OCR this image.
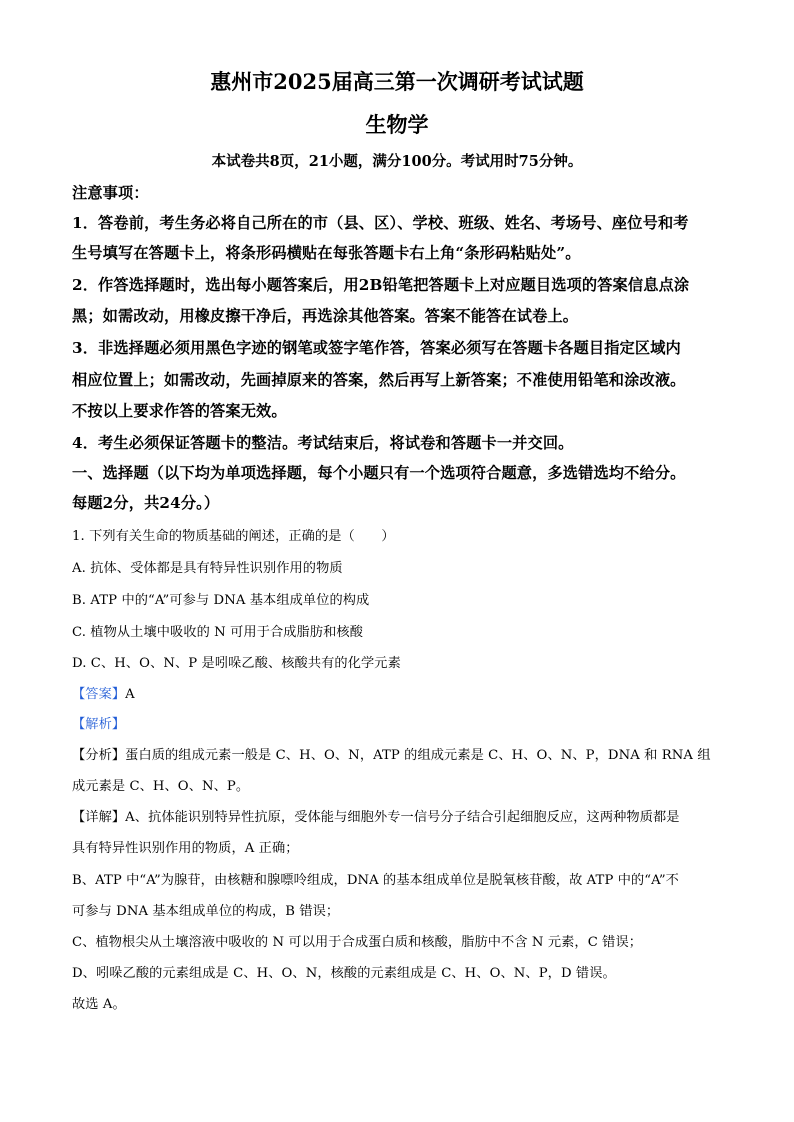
惠州市2025届高三第一次调研考试试题
生物学
本试卷共8页，21小题，满分100分。考试用时75分钟。
注意事项：
1．答卷前，考生务必将自己所在的市（县、区）、学校、班级、姓名、考场号、座位号和考
生号填写在答题卡上，将条形码横贴在每张答题卡右上角“条形码粘贴处”。
2．作答选择题时，选出每小题答案后，用2B铅笔把答题卡上对应题目选项的答案信息点涂
黑；如需改动，用橡皮擦干净后，再选涂其他答案。答案不能答在试卷上。
3．非选择题必须用黑色字迹的钢笔或签字笔作答，答案必须写在答题卡各题目指定区域内
相应位置上；如需改动，先画掉原来的答案，然后再写上新答案；不准使用铅笔和涂改液。
不按以上要求作答的答案无效。
4．考生必须保证答题卡的整洁。考试结束后，将试卷和答题卡一并交回。
一、选择题（以下均为单项选择题，每个小题只有一个选项符合题意，多选错选均不给分。
每题2分，共24分。）
1. 下列有关生命的物质基础的阐述，正确的是（　　）
A. 抗体、受体都是具有特异性识别作用的物质
B. ATP 中的“A”可参与 DNA 基本组成单位的构成
C. 植物从土壤中吸收的 N 可用于合成脂肪和核酸
D. C、H、O、N、P 是吲哚乙酸、核酸共有的化学元素
【答案】A
【解析】
【分析】蛋白质的组成元素一般是 C、H、O、N，ATP 的组成元素是 C、H、O、N、P，DNA 和 RNA 组
成元素是 C、H、O、N、P。
【详解】A、抗体能识别特异性抗原，受体能与细胞外专一信号分子结合引起细胞反应，这两种物质都是
具有特异性识别作用的物质，A 正确；
B、ATP 中“A”为腺苷，由核糖和腺嘌呤组成，DNA 的基本组成单位是脱氧核苷酸，故 ATP 中的“A”不
可参与 DNA 基本组成单位的构成，B 错误；
C、植物根尖从土壤溶液中吸收的 N 可以用于合成蛋白质和核酸，脂肪中不含 N 元素，C 错误；
D、吲哚乙酸的元素组成是 C、H、O、N，核酸的元素组成是 C、H、O、N、P，D 错误。
故选 A。
